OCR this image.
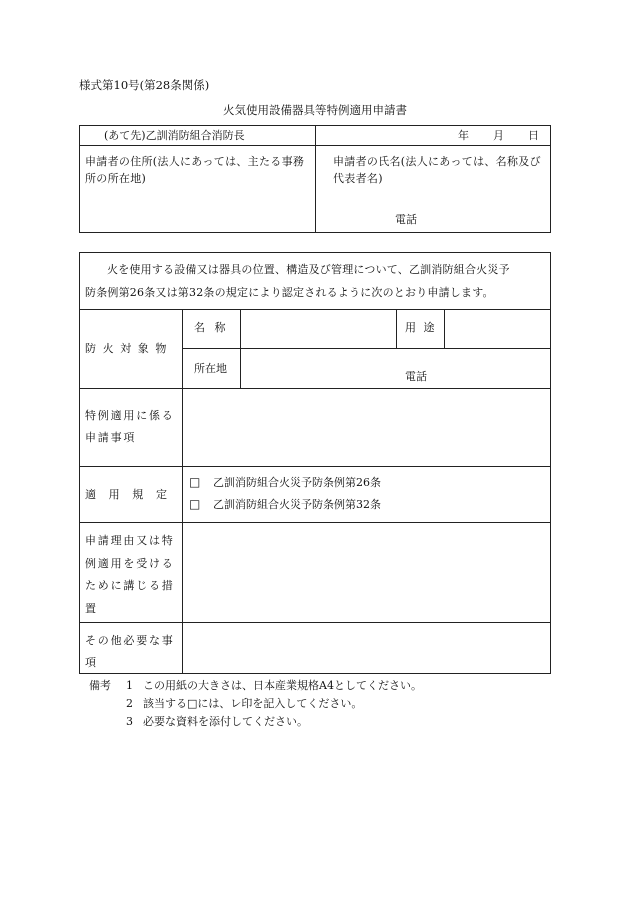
様式第10号(第28条関係)
火気使用設備器具等特例適用申請書
(あて先)乙訓消防組合消防長	年 月 日
申請者の住所(法人にあっては、主たる事務所の所在地)
申請者の氏名(法人にあっては、名称及び代表者名)
電話
火を使用する設備又は器具の位置、構造及び管理について、乙訓消防組合火災予
防条例第26条又は第32条の規定により認定されるように次のとおり申請します。
防火対象物
名 称	用 途
所在地
電話
特例適用に係る申請事項
適用規定
□ 乙訓消防組合火災予防条例第26条
□ 乙訓消防組合火災予防条例第32条
申請理由又は特例適用を受けるために講じる措置
その他必要な事項
備考 1 この用紙の大きさは、日本産業規格A4としてください。
2 該当する□には、レ印を記入してください。
3 必要な資料を添付してください。
